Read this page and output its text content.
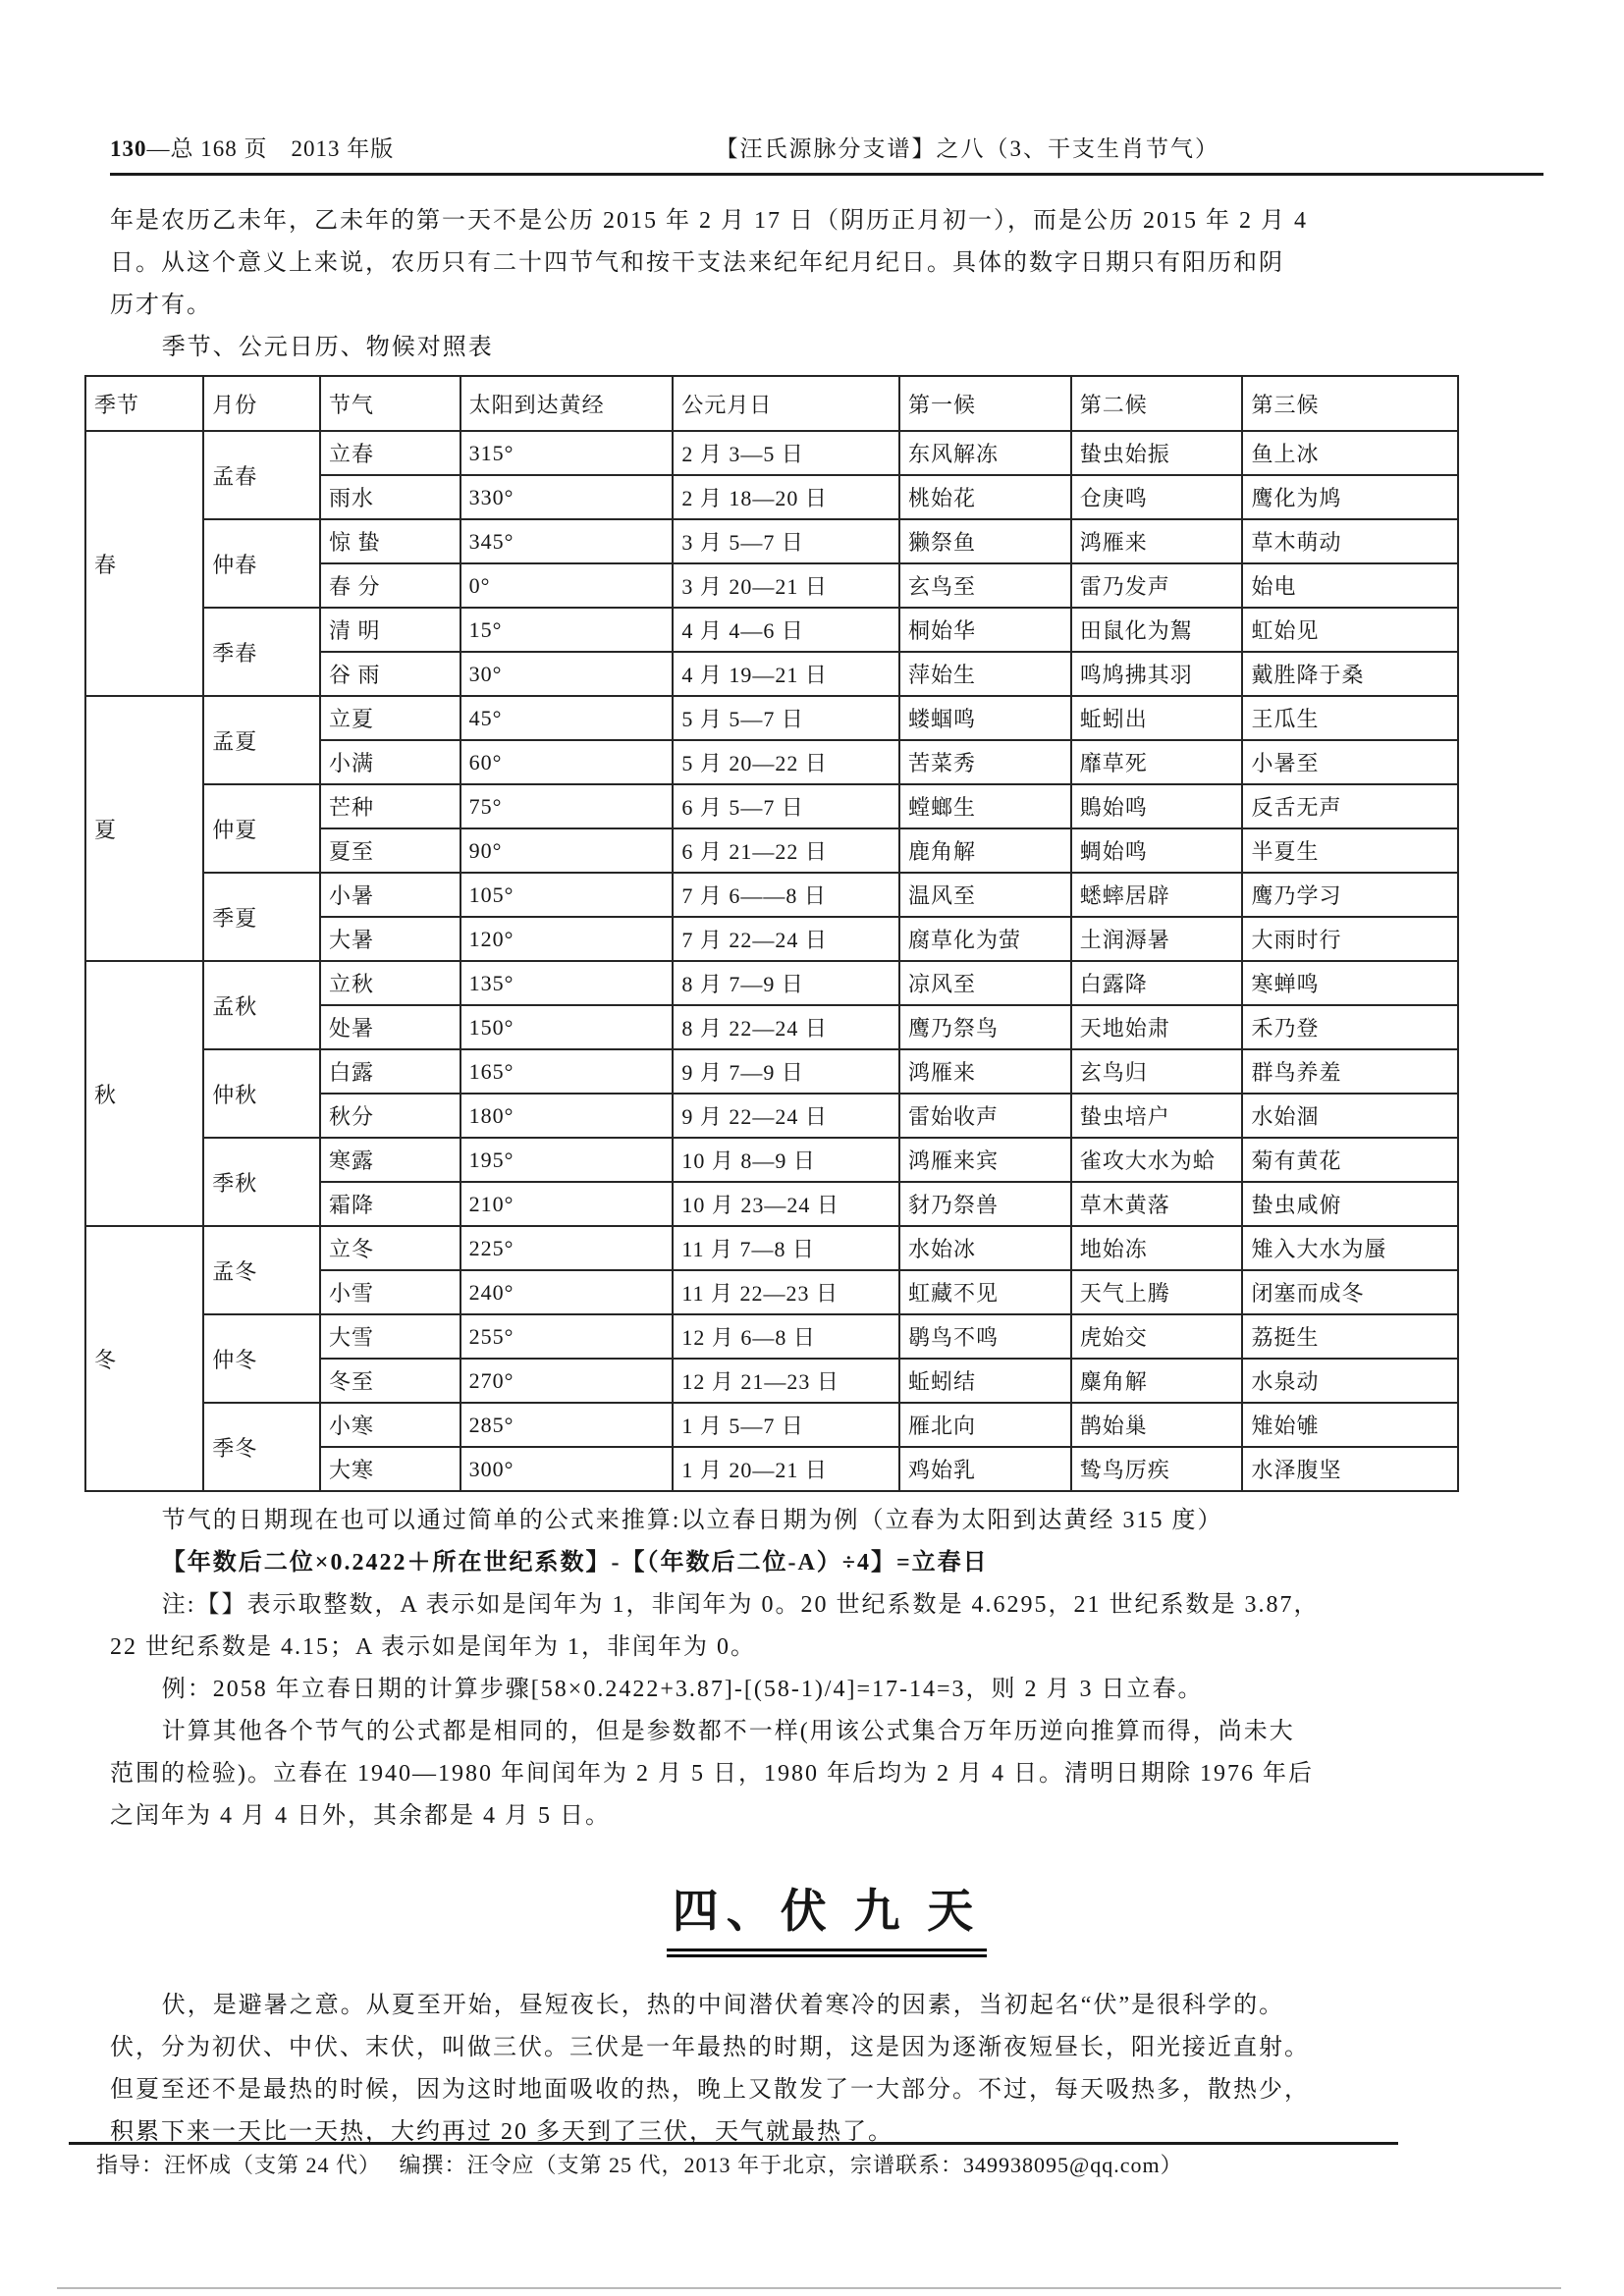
130—总 168 页　2013 年版	【汪氏源脉分支谱】之八（3、干支生肖节气）
年是农历乙未年，乙未年的第一天不是公历 2015 年 2 月 17 日（阴历正月初一），而是公历 2015 年 2 月 4
日。从这个意义上来说，农历只有二十四节气和按干支法来纪年纪月纪日。具体的数字日期只有阳历和阴
历才有。
季节、公元日历、物候对照表
季节	月份	节气	太阳到达黄经	公元月日	第一候	第二候	第三候
春	孟春	立春	315°	2 月 3—5 日	东风解冻	蛰虫始振	鱼上冰
		雨水	330°	2 月 18—20 日	桃始花	仓庚鸣	鹰化为鸠
	仲春	惊 蛰	345°	3 月 5—7 日	獭祭鱼	鸿雁来	草木萌动
		春 分	0°	3 月 20—21 日	玄鸟至	雷乃发声	始电
	季春	清 明	15°	4 月 4—6 日	桐始华	田鼠化为鴽	虹始见
		谷 雨	30°	4 月 19—21 日	萍始生	鸣鸠拂其羽	戴胜降于桑
夏	孟夏	立夏	45°	5 月 5—7 日	蝼蝈鸣	蚯蚓出	王瓜生
		小满	60°	5 月 20—22 日	苦菜秀	靡草死	小暑至
	仲夏	芒种	75°	6 月 5—7 日	螳螂生	鵙始鸣	反舌无声
		夏至	90°	6 月 21—22 日	鹿角解	蜩始鸣	半夏生
	季夏	小暑	105°	7 月 6——8 日	温风至	蟋蟀居辟	鹰乃学习
		大暑	120°	7 月 22—24 日	腐草化为萤	土润溽暑	大雨时行
秋	孟秋	立秋	135°	8 月 7—9 日	凉风至	白露降	寒蝉鸣
		处暑	150°	8 月 22—24 日	鹰乃祭鸟	天地始肃	禾乃登
	仲秋	白露	165°	9 月 7—9 日	鸿雁来	玄鸟归	群鸟养羞
		秋分	180°	9 月 22—24 日	雷始收声	蛰虫培户	水始涸
	季秋	寒露	195°	10 月 8—9 日	鸿雁来宾	雀攻大水为蛤	菊有黄花
		霜降	210°	10 月 23—24 日	豺乃祭兽	草木黄落	蛰虫咸俯
冬	孟冬	立冬	225°	11 月 7—8 日	水始冰	地始冻	雉入大水为蜃
		小雪	240°	11 月 22—23 日	虹藏不见	天气上腾	闭塞而成冬
	仲冬	大雪	255°	12 月 6—8 日	鹖鸟不鸣	虎始交	荔挺生
		冬至	270°	12 月 21—23 日	蚯蚓结	麋角解	水泉动
	季冬	小寒	285°	1 月 5—7 日	雁北向	鹊始巢	雉始雊
		大寒	300°	1 月 20—21 日	鸡始乳	鸷鸟厉疾	水泽腹坚
节气的日期现在也可以通过简单的公式来推算:以立春日期为例（立春为太阳到达黄经 315 度）
【年数后二位×0.2422＋所在世纪系数】-【（年数后二位-A）÷4】=立春日
注:【】表示取整数，A 表示如是闰年为 1，非闰年为 0。20 世纪系数是 4.6295，21 世纪系数是 3.87，
22 世纪系数是 4.15；A 表示如是闰年为 1，非闰年为 0。
例：2058 年立春日期的计算步骤[58×0.2422+3.87]-[(58-1)/4]=17-14=3，则 2 月 3 日立春。
计算其他各个节气的公式都是相同的，但是参数都不一样(用该公式集合万年历逆向推算而得，尚未大
范围的检验)。立春在 1940—1980 年间闰年为 2 月 5 日，1980 年后均为 2 月 4 日。清明日期除 1976 年后
之闰年为 4 月 4 日外，其余都是 4 月 5 日。
四、伏 九 天
伏，是避暑之意。从夏至开始，昼短夜长，热的中间潜伏着寒冷的因素，当初起名“伏”是很科学的。
伏，分为初伏、中伏、末伏，叫做三伏。三伏是一年最热的时期，这是因为逐渐夜短昼长，阳光接近直射。
但夏至还不是最热的时候，因为这时地面吸收的热，晚上又散发了一大部分。不过，每天吸热多，散热少，
积累下来一天比一天热，大约再过 20 多天到了三伏，天气就最热了。
指导：汪怀成（支第 24 代）　 编撰：汪令应（支第 25 代，2013 年于北京，宗谱联系：349938095@qq.com）
